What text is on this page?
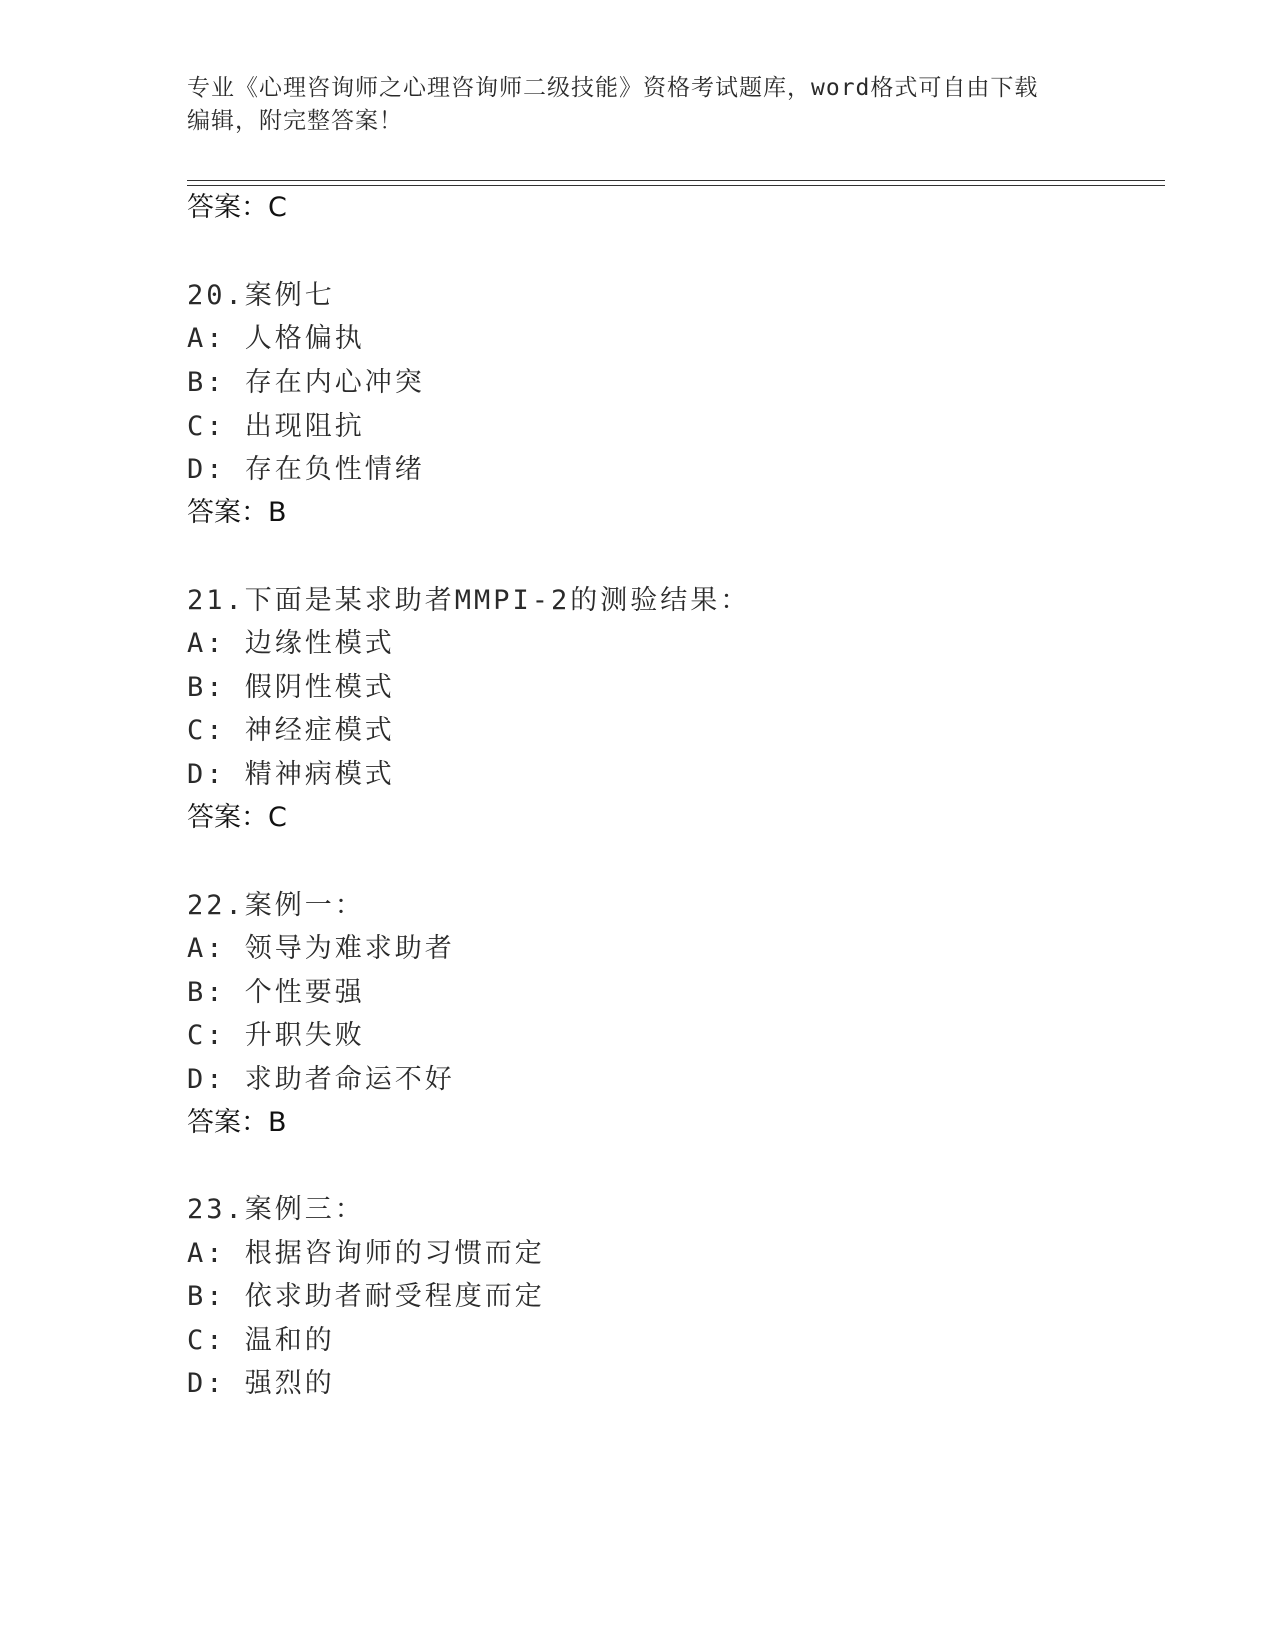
专业《心理咨询师之心理咨询师二级技能》资格考试题库，word格式可自由下载
编辑，附完整答案！
答案：C
20.案例七
A: 人格偏执
B: 存在内心冲突
C: 出现阻抗
D: 存在负性情绪
答案：B
21.下面是某求助者MMPI-2的测验结果：
A: 边缘性模式
B: 假阴性模式
C: 神经症模式
D: 精神病模式
答案：C
22.案例一：
A: 领导为难求助者
B: 个性要强
C: 升职失败
D: 求助者命运不好
答案：B
23.案例三：
A: 根据咨询师的习惯而定
B: 依求助者耐受程度而定
C: 温和的
D: 强烈的
